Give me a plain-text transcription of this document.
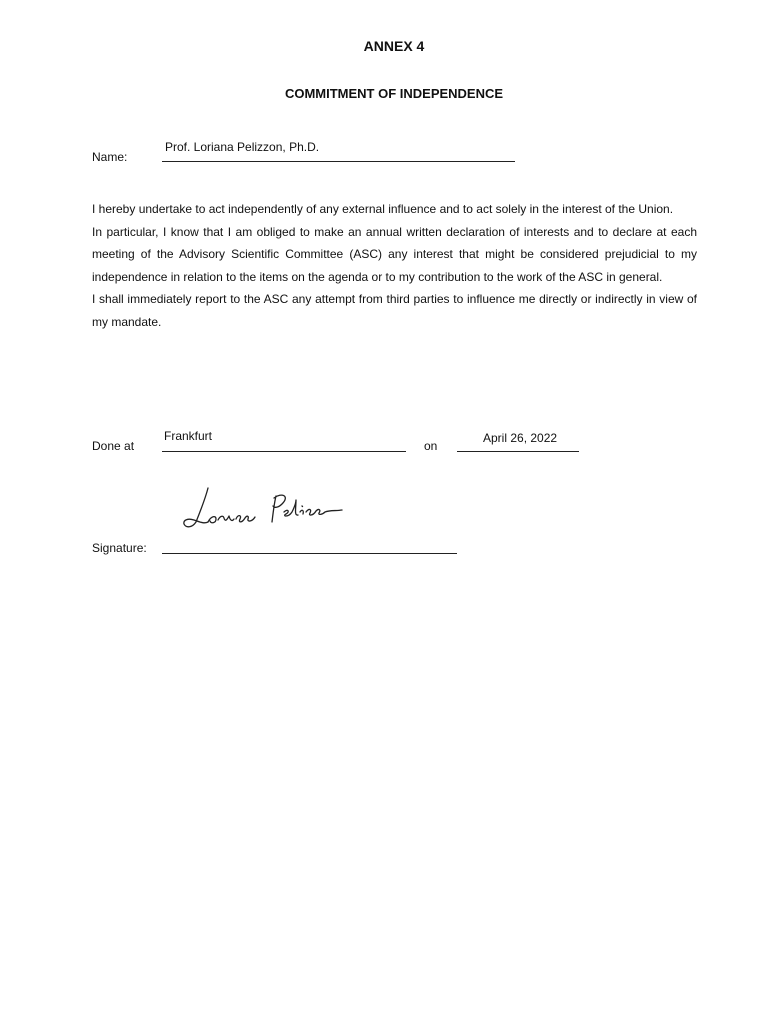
ANNEX 4
COMMITMENT OF INDEPENDENCE
Name:
Prof. Loriana Pelizzon, Ph.D.

I hereby undertake to act independently of any external influence and to act solely in the interest of the Union.

In particular, I know that I am obliged to make an annual written declaration of interests and to declare at each meeting of the Advisory Scientific Committee (ASC) any interest that might be considered prejudicial to my independence in relation to the items on the agenda or to my contribution to the work of the ASC in general.

I shall immediately report to the ASC any attempt from third parties to influence me directly or indirectly in view of my mandate.

Done at
Frankfurt
on
April 26, 2022
Signature:
